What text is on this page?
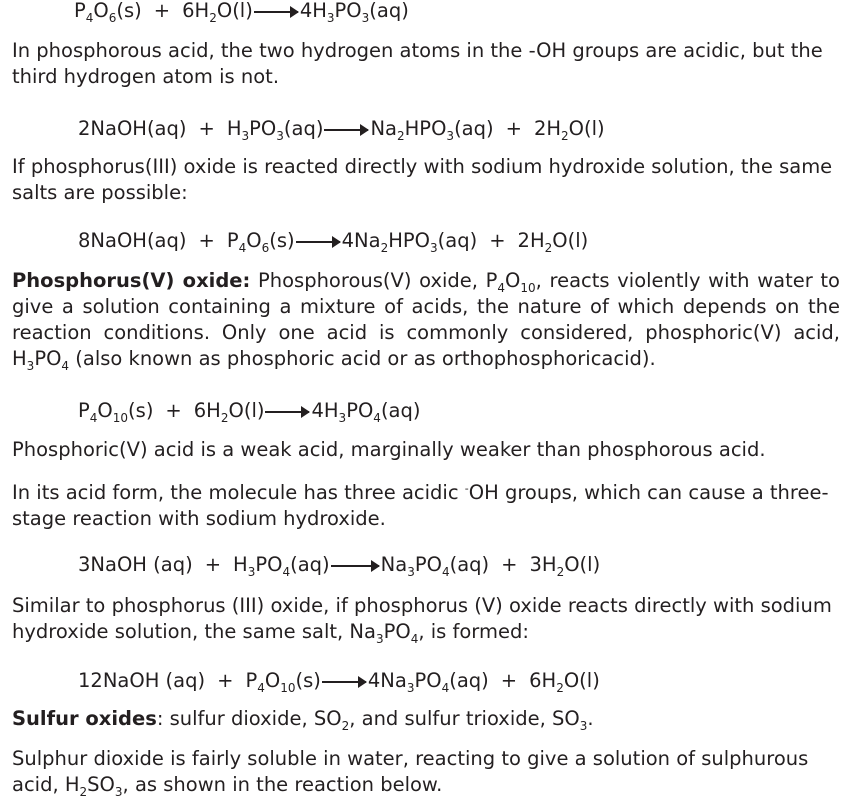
$P_4O_6(s) + 6H_2O(l)\to 4H_3PO_3(aq)$

In phosphorous acid, the two hydrogen atoms in the -OH groups are acidic, but the third hydrogen atom is not.

2NaOH(aq) + $H_3PO_3(aq)\to Na_2HPO_3(aq) + 2H_2O(l)$

If phosphorus(III) oxide is reacted directly with sodium hydroxide solution, the same salts are possible:

8NaOH(aq) + $P_4O_6(s)\to 4Na_2HPO_3(aq) + 2H_2O(l)$

Phosphorus(V) oxide: Phosphorous(V) oxide, $P_4O_{10}$, reacts violently with water to give a solution containing a mixture of acids, the nature of which depends on the reaction conditions. Only one acid is commonly considered, phosphoric(V) acid, $H_3PO_4$ (also known as phosphoric acid or as orthophosphoricacid).

$P_4O_{10}(s) + 6H_2O(l)\to 4H_3PO_4(aq)$

Phosphoric(V) acid is a weak acid, marginally weaker than phosphorous acid.

In its acid form, the molecule has three acidic -OH groups, which can cause a three-stage reaction with sodium hydroxide.

3NaOH $(aq) + H_3PO_4(aq)\to Na_3PO_4(aq) + 3H_2O(l)$

Similar to phosphorus (III) oxide, if phosphorus (V) oxide reacts directly with sodium hydroxide solution, the same salt, $Na_3PO_4$, is formed:

12NaOH $(aq) + P_4O_{10}(s)\to 4Na_3PO_4(aq) + 6H_2O(l)$

Sulfur oxides: sulfur dioxide, $SO_2$, and sulfur trioxide, $SO_3$.

Sulphur dioxide is fairly soluble in water, reacting to give a solution of sulphurous acid, $H_2SO_3$, as shown in the reaction below.
